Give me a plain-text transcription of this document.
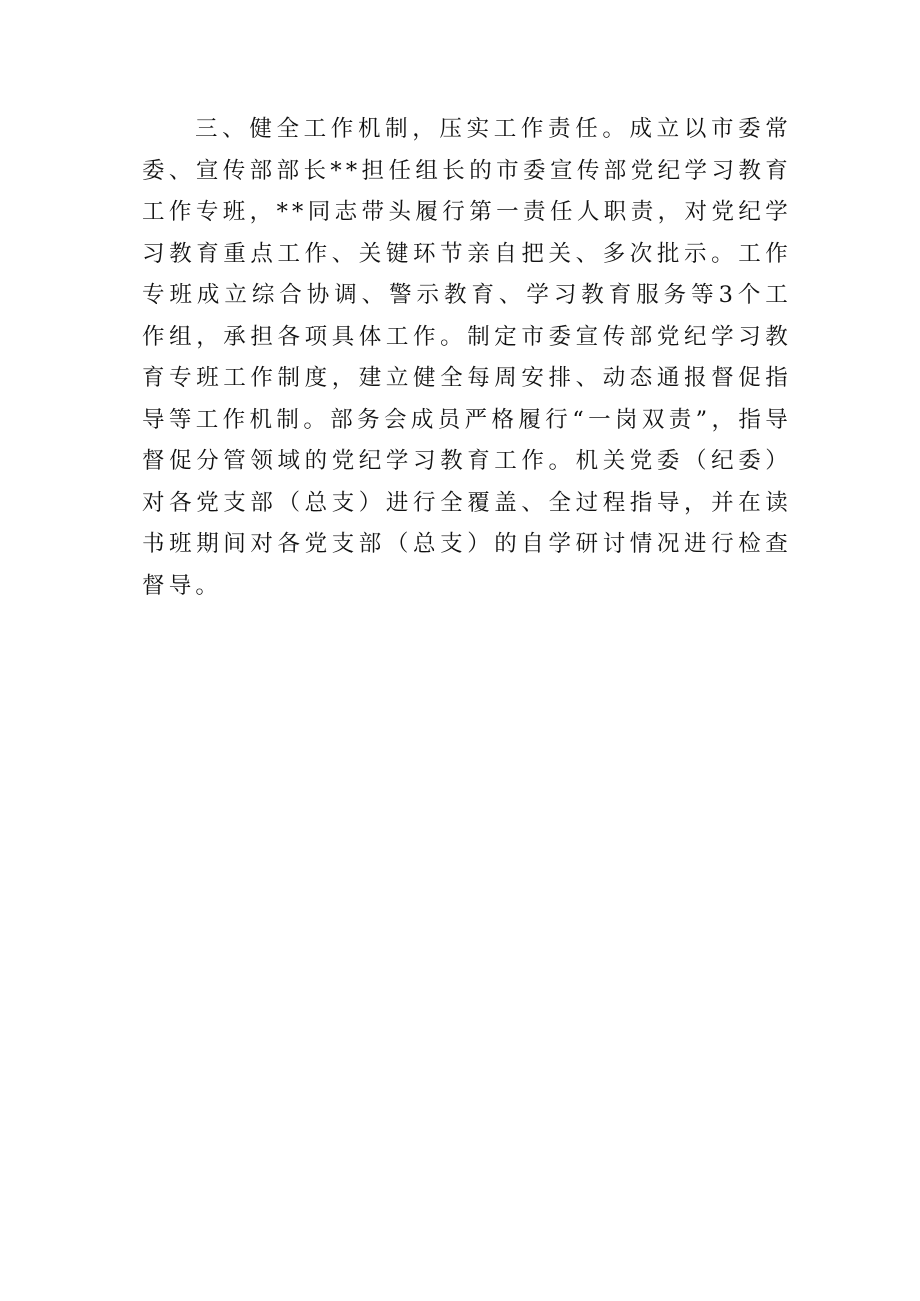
三、健全工作机制，压实工作责任。成立以市委常委、宣传部部长**担任组长的市委宣传部党纪学习教育工作专班，**同志带头履行第一责任人职责，对党纪学习教育重点工作、关键环节亲自把关、多次批示。工作专班成立综合协调、警示教育、学习教育服务等3个工作组，承担各项具体工作。制定市委宣传部党纪学习教育专班工作制度，建立健全每周安排、动态通报督促指导等工作机制。部务会成员严格履行“一岗双责”，指导督促分管领域的党纪学习教育工作。机关党委（纪委）对各党支部（总支）进行全覆盖、全过程指导，并在读书班期间对各党支部（总支）的自学研讨情况进行检查督导。
